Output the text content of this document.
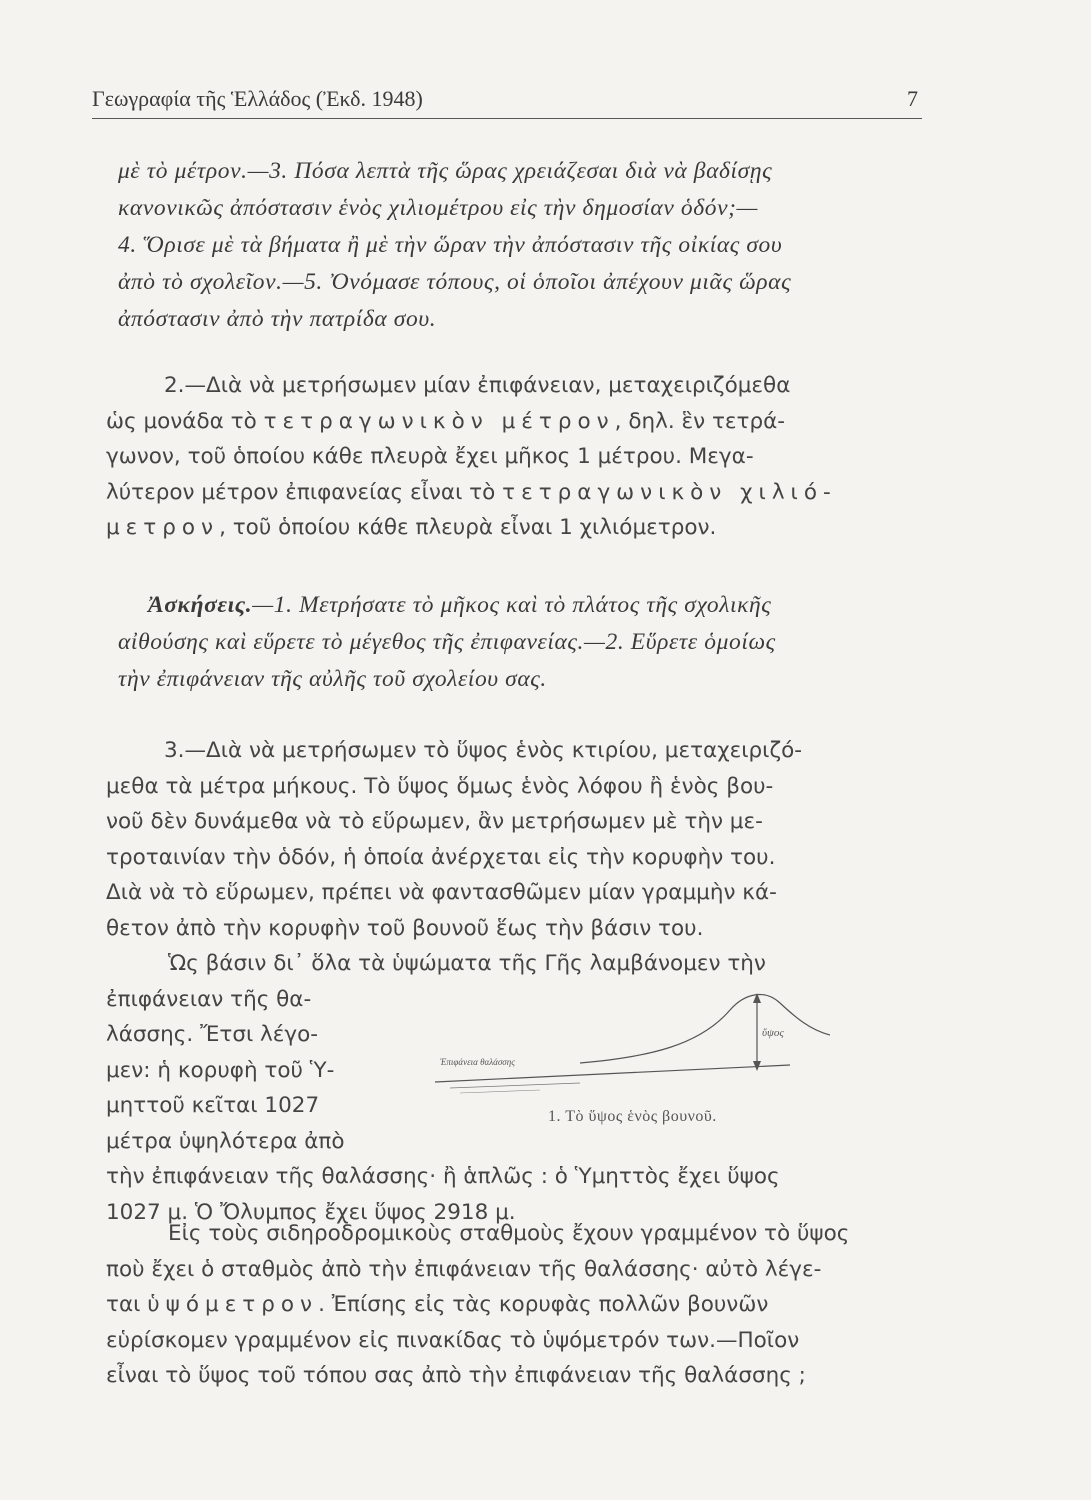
Γεωγραφία τῆς Ἑλλάδος (Ἐκδ. 1948)	7
μὲ τὸ μέτρον.—3. Πόσα λεπτὰ τῆς ὥρας χρειάζεσαι διὰ νὰ βαδίσῃς
κανονικῶς ἀπόστασιν ἑνὸς χιλιομέτρου εἰς τὴν δημοσίαν ὁδόν;—
4. Ὅρισε μὲ τὰ βήματα ἢ μὲ τὴν ὥραν τὴν ἀπόστασιν τῆς οἰκίας σου
ἀπὸ τὸ σχολεῖον.—5. Ὀνόμασε τόπους, οἱ ὁποῖοι ἀπέχουν μιᾶς ὥρας
ἀπόστασιν ἀπὸ τὴν πατρίδα σου.
2.—Διὰ νὰ μετρήσωμεν μίαν ἐπιφάνειαν, μεταχειριζόμεθα
ὡς μονάδα τὸ τετραγωνικὸν μέτρον, δηλ. ἓν τετρά-
γωνον, τοῦ ὁποίου κάθε πλευρὰ ἔχει μῆκος 1 μέτρου. Μεγα-
λύτερον μέτρον ἐπιφανείας εἶναι τὸ τετραγωνικὸν χιλιό-
μετρον, τοῦ ὁποίου κάθε πλευρὰ εἶναι 1 χιλιόμετρον.
Ἀσκήσεις.—1. Μετρήσατε τὸ μῆκος καὶ τὸ πλάτος τῆς σχολικῆς
αἰθούσης καὶ εὕρετε τὸ μέγεθος τῆς ἐπιφανείας.—2. Εὕρετε ὁμοίως
τὴν ἐπιφάνειαν τῆς αὐλῆς τοῦ σχολείου σας.
3.—Διὰ νὰ μετρήσωμεν τὸ ὕψος ἑνὸς κτιρίου, μεταχειριζό-
μεθα τὰ μέτρα μήκους. Τὸ ὕψος ὅμως ἑνὸς λόφου ἢ ἑνὸς βου-
νοῦ δὲν δυνάμεθα νὰ τὸ εὕρωμεν, ἂν μετρήσωμεν μὲ τὴν με-
τροταινίαν τὴν ὁδόν, ἡ ὁποία ἀνέρχεται εἰς τὴν κορυφὴν του.
Διὰ νὰ τὸ εὕρωμεν, πρέπει νὰ φαντασθῶμεν μίαν γραμμὴν κά-
θετον ἀπὸ τὴν κορυφὴν τοῦ βουνοῦ ἕως τὴν βάσιν του.
Ὡς βάσιν δι᾽ ὅλα τὰ ὑψώματα τῆς Γῆς λαμβάνομεν τὴν
ἐπιφάνειαν τῆς θα-
λάσσης. Ἔτσι λέγο-
μεν: ἡ κορυφὴ τοῦ Ὑ-
μηττοῦ κεῖται 1027
μέτρα ὑψηλότερα ἀπὸ
τὴν ἐπιφάνειαν τῆς θαλάσσης· ἢ ἁπλῶς : ὁ Ὑμηττὸς ἔχει ὕψος
1027 μ. Ὁ Ὄλυμπος ἔχει ὕψος 2918 μ.
Ἐπιφάνεια θαλάσσης
ὕψος
1. Τὸ ὕψος ἑνὸς βουνοῦ.
Εἰς τοὺς σιδηροδρομικοὺς σταθμοὺς ἔχουν γραμμένον τὸ ὕψος
ποὺ ἔχει ὁ σταθμὸς ἀπὸ τὴν ἐπιφάνειαν τῆς θαλάσσης· αὐτὸ λέγε-
ται ὑψόμετρον. Ἐπίσης εἰς τὰς κορυφὰς πολλῶν βουνῶν
εὑρίσκομεν γραμμένον εἰς πινακίδας τὸ ὑψόμετρόν των.—Ποῖον
εἶναι τὸ ὕψος τοῦ τόπου σας ἀπὸ τὴν ἐπιφάνειαν τῆς θαλάσσης ;
